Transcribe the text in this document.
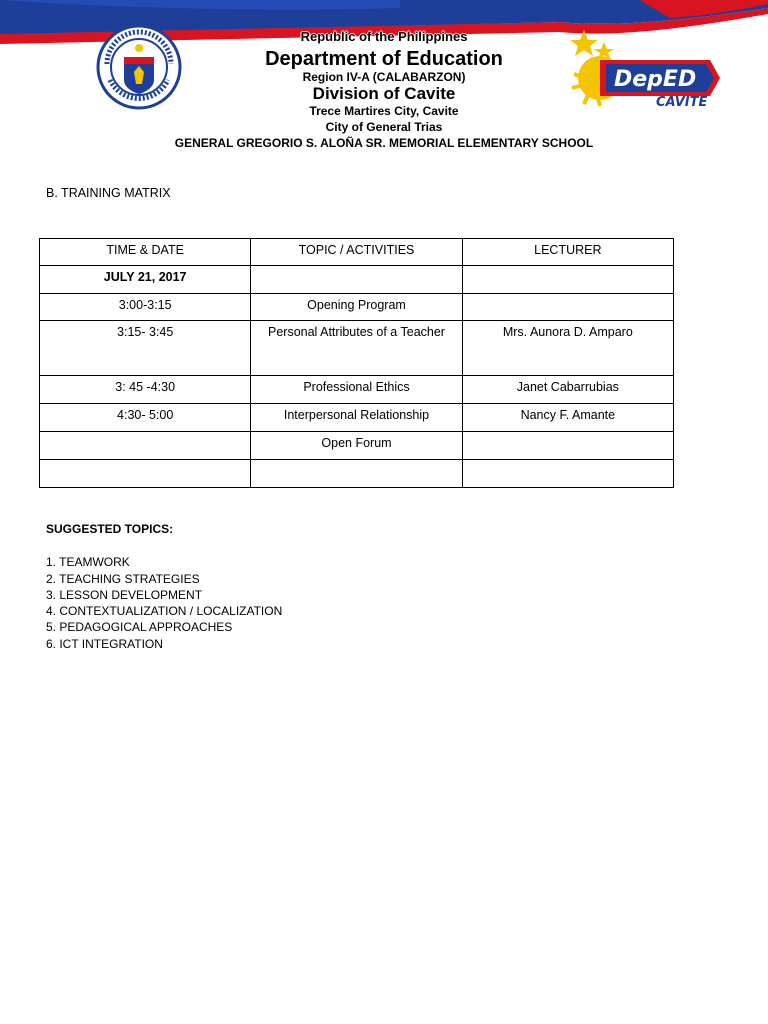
DepED
CAVITE
Republic of the Philippines
Department of Education
Region IV-A (CALABARZON)
Division of Cavite
Trece Martires City, Cavite
City of General Trias
GENERAL GREGORIO S. ALOÑA SR. MEMORIAL ELEMENTARY SCHOOL
B. TRAINING MATRIX
TIME & DATE	TOPIC / ACTIVITIES	LECTURER
JULY 21, 2017		
3:00-3:15	Opening Program	
3:15- 3:45	Personal Attributes of a Teacher	Mrs. Aunora D. Amparo
3: 45 -4:30	Professional Ethics	Janet Cabarrubias
4:30- 5:00	Interpersonal Relationship	Nancy F. Amante
	Open Forum	

SUGGESTED TOPICS:
1. TEAMWORK
2. TEACHING STRATEGIES
3. LESSON DEVELOPMENT
4. CONTEXTUALIZATION / LOCALIZATION
5. PEDAGOGICAL APPROACHES
6. ICT INTEGRATION
